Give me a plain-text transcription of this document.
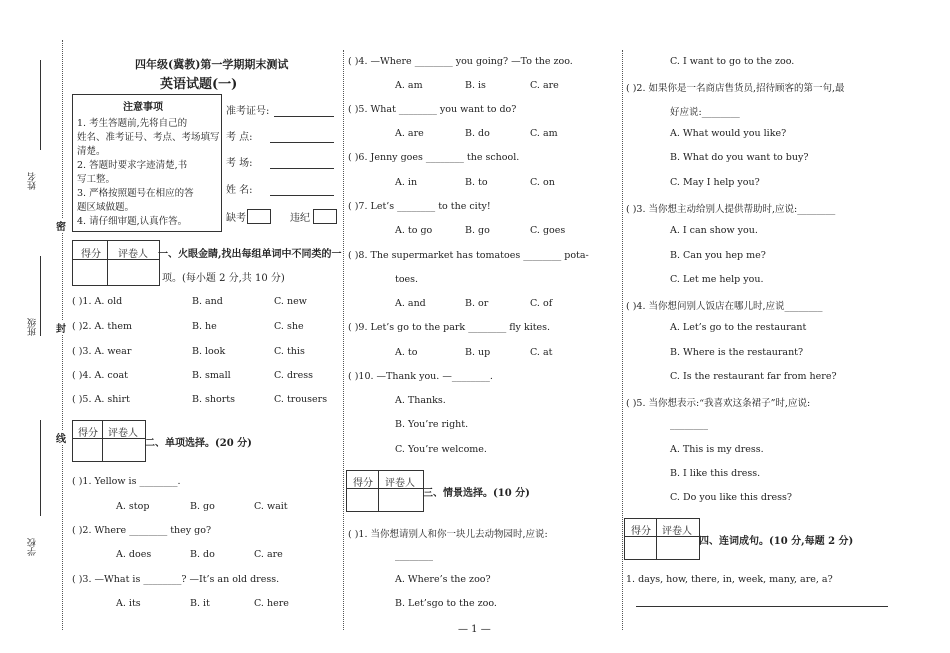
姓名
班级
学校
密
封
线
四年级(冀教)第一学期期末测试
英语试题(一)
注意事项
1. 考生答题前,先将自己的
姓名、准考证号、考点、考场填写
清楚。
2. 答题时要求字迹清楚,书
写工整。
3. 严格按照题号在相应的答
题区域做题。
4. 请仔细审题,认真作答。
准考证号:
考 点:
考 场:
姓 名:
缺考	违纪
得分	评卷人	一、火眼金睛,找出每组单词中不同类的一
项。(每小题 2 分,共 10 分)
( )1. A. old	B. and	C. new
( )2. A. them	B. he	C. she
( )3. A. wear	B. look	C. this
( )4. A. coat	B. small	C. dress
( )5. A. shirt	B. shorts	C. trousers
得分	评卷人
二、单项选择。(20 分)
( )1. Yellow is ________.
A. stop	B. go	C. wait
( )2. Where ________ they go?
A. does	B. do	C. are
( )3. —What is ________? —It’s an old dress.
A. its	B. it	C. here
( )4. —Where ________ you going? —To the zoo.
A. am	B. is	C. are
( )5. What ________ you want to do?
A. are	B. do	C. am
( )6. Jenny goes ________ the school.
A. in	B. to	C. on
( )7. Let’s ________ to the city!
A. to go	B. go	C. goes
( )8. The supermarket has tomatoes ________ pota-
toes.
A. and	B. or	C. of
( )9. Let’s go to the park ________ fly kites.
A. to	B. up	C. at
( )10. —Thank you. —________.
A. Thanks.
B. You’re right.
C. You’re welcome.
得分	评卷人
三、情景选择。(10 分)
( )1. 当你想请别人和你一块儿去动物园时,应说:
________
A. Where’s the zoo?
B. Let’sgo to the zoo.
C. I want to go to the zoo.
( )2. 如果你是一名商店售货员,招待顾客的第一句,最
好应说:________
A. What would you like?
B. What do you want to buy?
C. May I help you?
( )3. 当你想主动给别人提供帮助时,应说:________
A. I can show you.
B. Can you hep me?
C. Let me help you.
( )4. 当你想问别人饭店在哪儿时,应说________
A. Let’s go to the restaurant
B. Where is the restaurant?
C. Is the restaurant far from here?
( )5. 当你想表示:“我喜欢这条裙子”时,应说:
________
A. This is my dress.
B. I like this dress.
C. Do you like this dress?
得分	评卷人
四、连词成句。(10 分,每题 2 分)
1. days, how, there, in, week, many, are, a?
— 1 —
